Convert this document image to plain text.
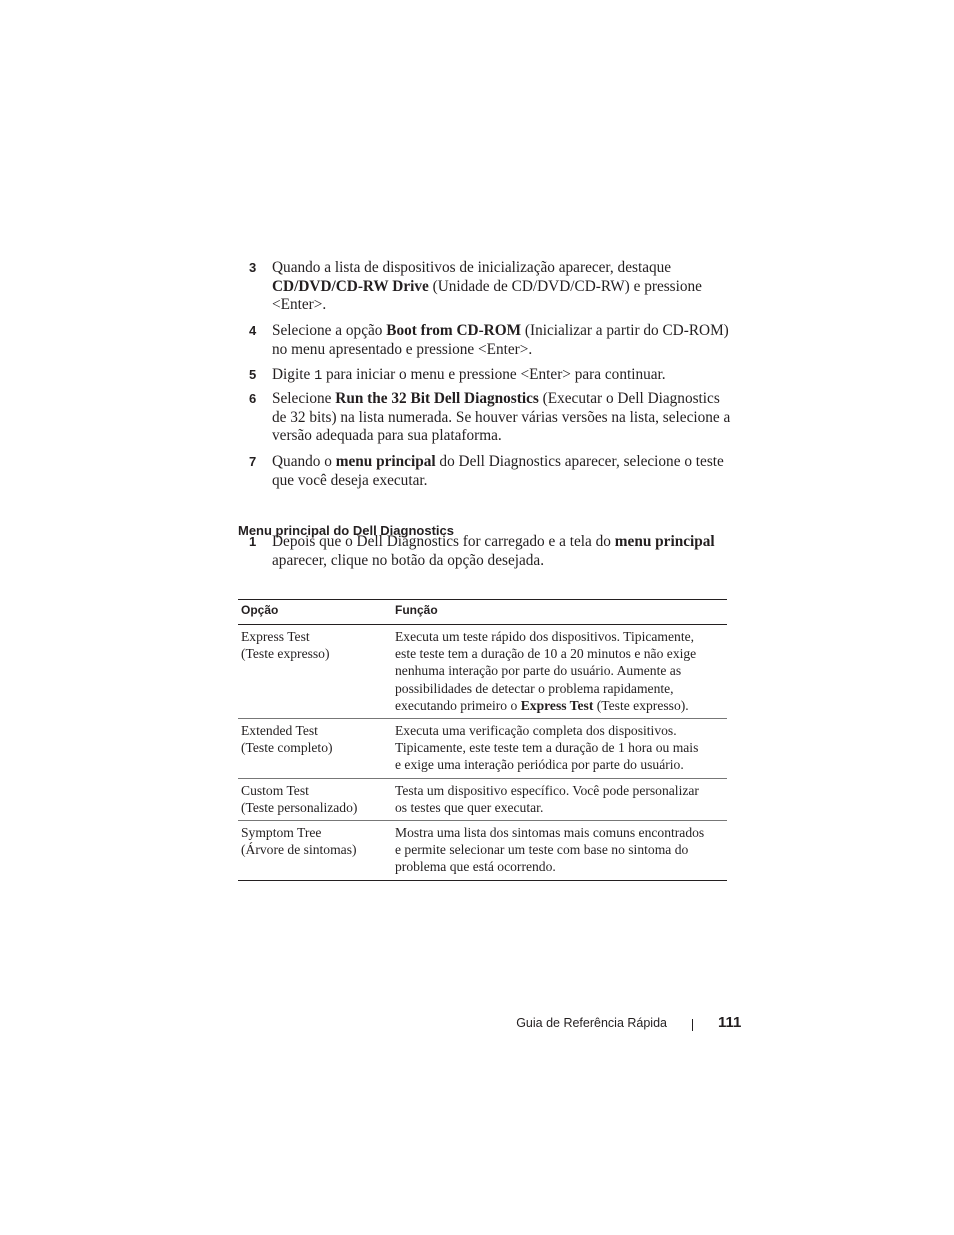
3 Quando a lista de dispositivos de inicialização aparecer, destaque
CD/DVD/CD-RW Drive (Unidade de CD/DVD/CD-RW) e pressione
<Enter>.
4 Selecione a opção Boot from CD-ROM (Inicializar a partir do CD-ROM)
no menu apresentado e pressione <Enter>.
5 Digite 1 para iniciar o menu e pressione <Enter> para continuar.
6 Selecione Run the 32 Bit Dell Diagnostics (Executar o Dell Diagnostics
de 32 bits) na lista numerada. Se houver várias versões na lista, selecione a
versão adequada para sua plataforma.
7 Quando o menu principal do Dell Diagnostics aparecer, selecione o teste
que você deseja executar.
Menu principal do Dell Diagnostics
1 Depois que o Dell Diagnostics for carregado e a tela do menu principal
aparecer, clique no botão da opção desejada.
Opção	Função

Express Test
(Teste expresso)	Executa um teste rápido dos dispositivos. Tipicamente,
este teste tem a duração de 10 a 20 minutos e não exige
nenhuma interação por parte do usuário. Aumente as
possibilidades de detectar o problema rapidamente,
executando primeiro o Express Test (Teste expresso).

Extended Test
(Teste completo)	Executa uma verificação completa dos dispositivos.
Tipicamente, este teste tem a duração de 1 hora ou mais
e exige uma interação periódica por parte do usuário.

Custom Test
(Teste personalizado)	Testa um dispositivo específico. Você pode personalizar
os testes que quer executar.

Symptom Tree
(Árvore de sintomas)	Mostra uma lista dos sintomas mais comuns encontrados
e permite selecionar um teste com base no sintoma do
problema que está ocorrendo.
Guia de Referência Rápida	111
